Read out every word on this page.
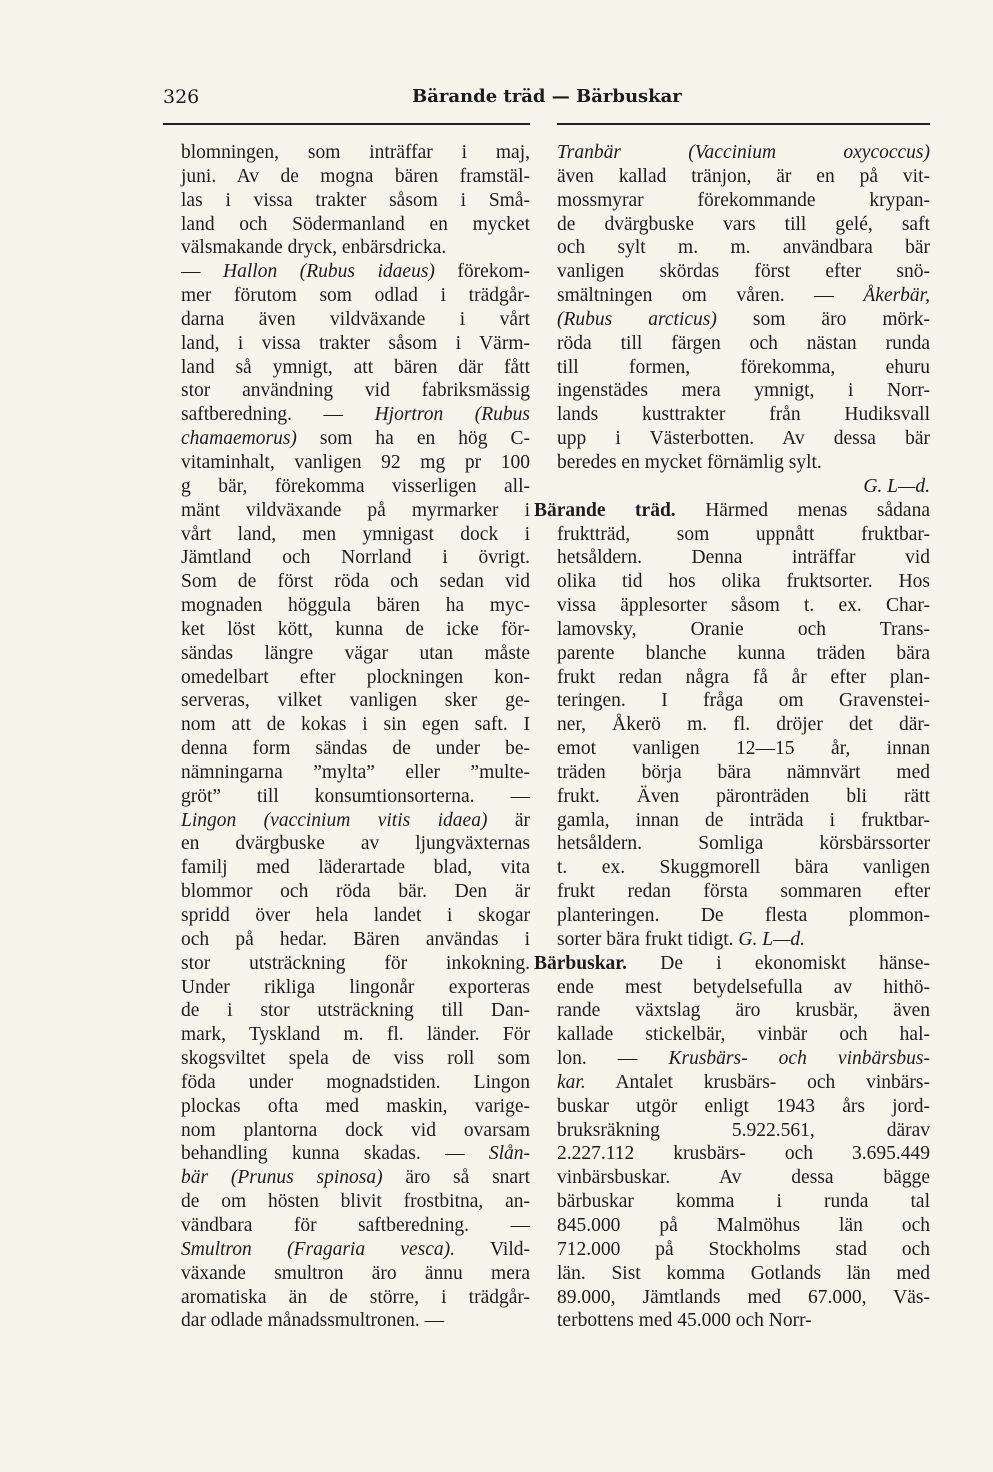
326	Bärande träd — Bärbuskar
blomningen, som inträffar i maj,
juni. Av de mogna bären framstäl-
las i vissa trakter såsom i Små-
land och Södermanland en mycket
välsmakande dryck, enbärsdricka.
— Hallon (Rubus idaeus) förekom-
mer förutom som odlad i trädgår-
darna även vildväxande i vårt
land, i vissa trakter såsom i Värm-
land så ymnigt, att bären där fått
stor användning vid fabriksmässig
saftberedning. — Hjortron (Rubus
chamaemorus) som ha en hög C-
vitaminhalt, vanligen 92 mg pr 100
g bär, förekomma visserligen all-
mänt vildväxande på myrmarker i
vårt land, men ymnigast dock i
Jämtland och Norrland i övrigt.
Som de först röda och sedan vid
mognaden höggula bären ha myc-
ket löst kött, kunna de icke för-
sändas längre vägar utan måste
omedelbart efter plockningen kon-
serveras, vilket vanligen sker ge-
nom att de kokas i sin egen saft. I
denna form sändas de under be-
nämningarna ”mylta” eller ”multe-
gröt” till konsumtionsorterna. —
Lingon (vaccinium vitis idaea) är
en dvärgbuske av ljungväxternas
familj med läderartade blad, vita
blommor och röda bär. Den är
spridd över hela landet i skogar
och på hedar. Bären användas i
stor utsträckning för inkokning.
Under rikliga lingonår exporteras
de i stor utsträckning till Dan-
mark, Tyskland m. fl. länder. För
skogsviltet spela de viss roll som
föda under mognadstiden. Lingon
plockas ofta med maskin, varige-
nom plantorna dock vid ovarsam
behandling kunna skadas. — Slån-
bär (Prunus spinosa) äro så snart
de om hösten blivit frostbitna, an-
vändbara för saftberedning. —
Smultron (Fragaria vesca). Vild-
växande smultron äro ännu mera
aromatiska än de större, i trädgår-
dar odlade månadssmultronen. —
Tranbär (Vaccinium oxycoccus)
även kallad tränjon, är en på vit-
mossmyrar förekommande krypan-
de dvärgbuske vars till gelé, saft
och sylt m. m. användbara bär
vanligen skördas först efter snö-
smältningen om våren. — Åkerbär,
(Rubus arcticus) som äro mörk-
röda till färgen och nästan runda
till formen, förekomma, ehuru
ingenstädes mera ymnigt, i Norr-
lands kusttrakter från Hudiksvall
upp i Västerbotten. Av dessa bär
beredes en mycket förnämlig sylt.
G. L—d.
Bärande träd. Härmed menas sådana
fruktträd, som uppnått fruktbar-
hetsåldern. Denna inträffar vid
olika tid hos olika fruktsorter. Hos
vissa äpplesorter såsom t. ex. Char-
lamovsky, Oranie och Trans-
parente blanche kunna träden bära
frukt redan några få år efter plan-
teringen. I fråga om Gravenstei-
ner, Åkerö m. fl. dröjer det där-
emot vanligen 12—15 år, innan
träden börja bära nämnvärt med
frukt. Även päronträden bli rätt
gamla, innan de inträda i fruktbar-
hetsåldern. Somliga körsbärssorter
t. ex. Skuggmorell bära vanligen
frukt redan första sommaren efter
planteringen. De flesta plommon-
sorter bära frukt tidigt. G. L—d.
Bärbuskar. De i ekonomiskt hänse-
ende mest betydelsefulla av hithö-
rande växtslag äro krusbär, även
kallade stickelbär, vinbär och hal-
lon. — Krusbärs- och vinbärsbus-
kar. Antalet krusbärs- och vinbärs-
buskar utgör enligt 1943 års jord-
bruksräkning 5.922.561, därav
2.227.112 krusbärs- och 3.695.449
vinbärsbuskar. Av dessa bägge
bärbuskar komma i runda tal
845.000 på Malmöhus län och
712.000 på Stockholms stad och
län. Sist komma Gotlands län med
89.000, Jämtlands med 67.000, Väs-
terbottens med 45.000 och Norr-
